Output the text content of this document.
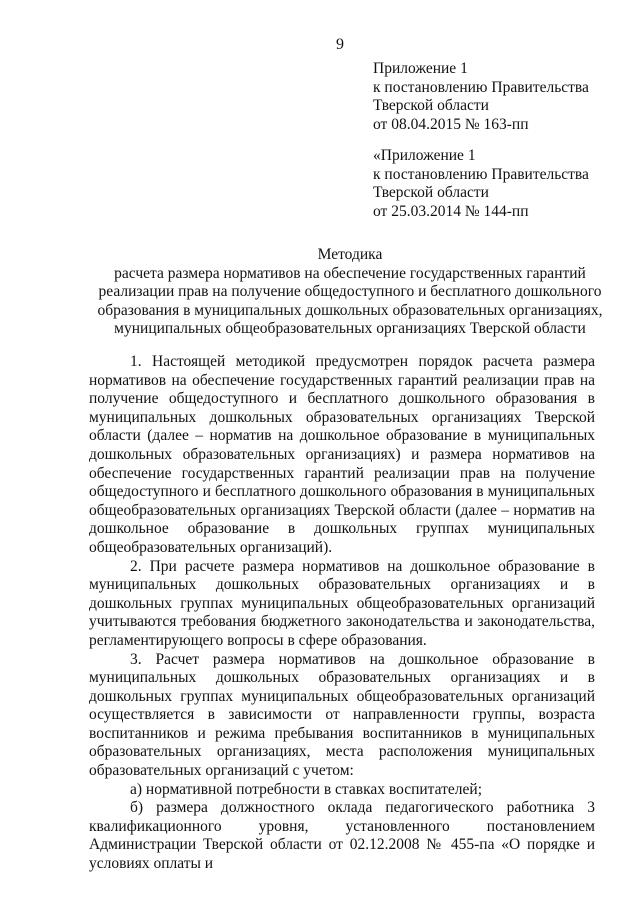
9
Приложение 1
к постановлению Правительства
Тверской области
от 08.04.2015 № 163-пп
«Приложение 1
к постановлению Правительства
Тверской области
от 25.03.2014 № 144-пп
Методика
расчета размера нормативов на обеспечение государственных гарантий
реализации прав на получение общедоступного и бесплатного дошкольного
образования в муниципальных дошкольных образовательных организациях,
муниципальных общеобразовательных организациях Тверской области

1. Настоящей методикой предусмотрен порядок расчета размера нормативов на обеспечение государственных гарантий реализации прав на получение общедоступного и бесплатного дошкольного образования в муниципальных дошкольных образовательных организациях Тверской области (далее – норматив на дошкольное образование в муниципальных дошкольных образовательных организациях) и размера нормативов на обеспечение государственных гарантий реализации прав на получение общедоступного и бесплатного дошкольного образования в муниципальных общеобразовательных организациях Тверской области (далее – норматив на дошкольное образование в дошкольных группах муниципальных общеобразовательных организаций).

2. При расчете размера нормативов на дошкольное образование в муниципальных дошкольных образовательных организациях и в дошкольных группах муниципальных общеобразовательных организаций учитываются требования бюджетного законодательства и законодательства, регламентирующего вопросы в сфере образования.

3. Расчет размера нормативов на дошкольное образование в муниципальных дошкольных образовательных организациях и в дошкольных группах муниципальных общеобразовательных организаций осуществляется в зависимости от направленности группы, возраста воспитанников и режима пребывания воспитанников в муниципальных образовательных организациях, места расположения муниципальных образовательных организаций с учетом:

а) нормативной потребности в ставках воспитателей;

б) размера должностного оклада педагогического работника 3 квалификационного уровня, установленного постановлением Администрации Тверской области от 02.12.2008 № 455-па «О порядке и условиях оплаты и
